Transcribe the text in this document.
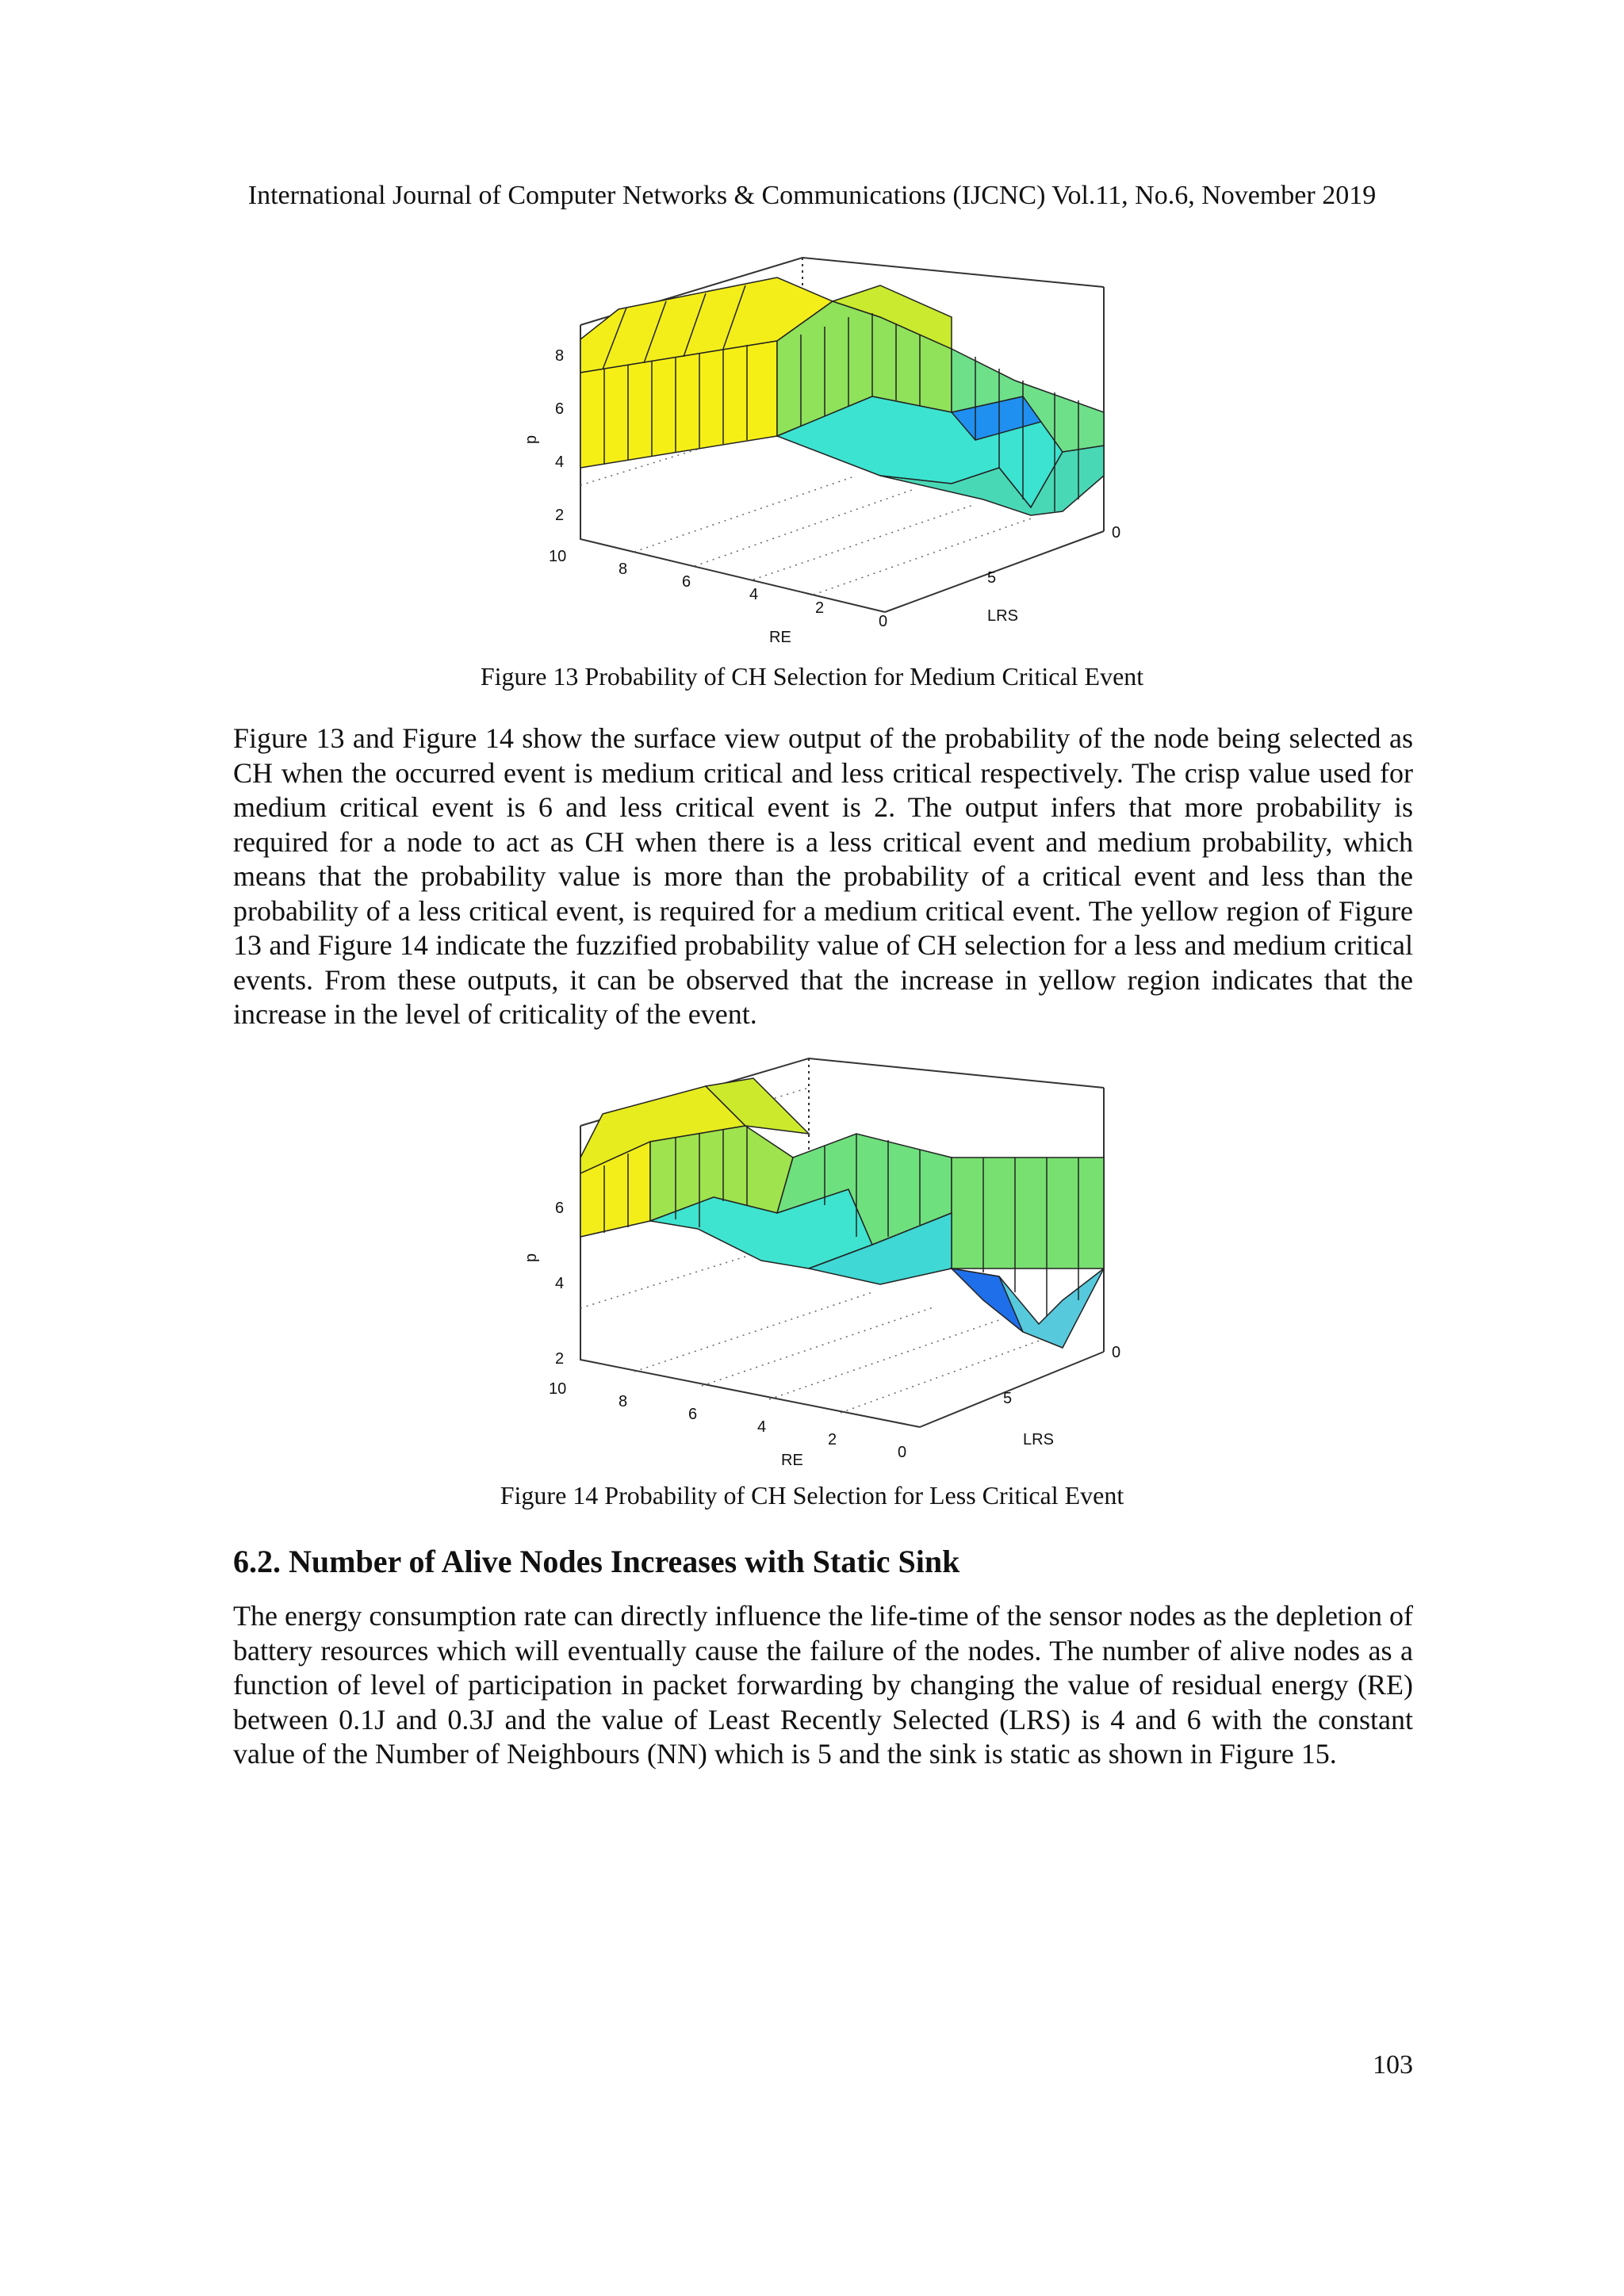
International Journal of Computer Networks & Communications (IJCNC) Vol.11, No.6, November 2019
2
4
6
8
p
10
8
6
4
2
0
RE
5
0
LRS
Figure 13 Probability of CH Selection for Medium Critical Event

Figure 13 and Figure 14 show the surface view output of the probability of the node being selected as CH when the occurred event is medium critical and less critical respectively. The crisp value used for medium critical event is 6 and less critical event is 2. The output infers that more probability is required for a node to act as CH when there is a less critical event and medium probability, which means that the probability value is more than the probability of a critical event and less than the probability of a less critical event, is required for a medium critical event. The yellow region of Figure 13 and Figure 14 indicate the fuzzified probability value of CH selection for a less and medium critical events. From these outputs, it can be observed that the increase in yellow region indicates that the increase in the level of criticality of the event.

2
4
6
p
10
8
6
4
2
0
RE
5
0
LRS
Figure 14 Probability of CH Selection for Less Critical Event
6.2. Number of Alive Nodes Increases with Static Sink

The energy consumption rate can directly influence the life-time of the sensor nodes as the depletion of battery resources which will eventually cause the failure of the nodes. The number of alive nodes as a function of level of participation in packet forwarding by changing the value of residual energy (RE) between 0.1J and 0.3J and the value of Least Recently Selected (LRS) is 4 and 6 with the constant value of the Number of Neighbours (NN) which is 5 and the sink is static as shown in Figure 15.

103
